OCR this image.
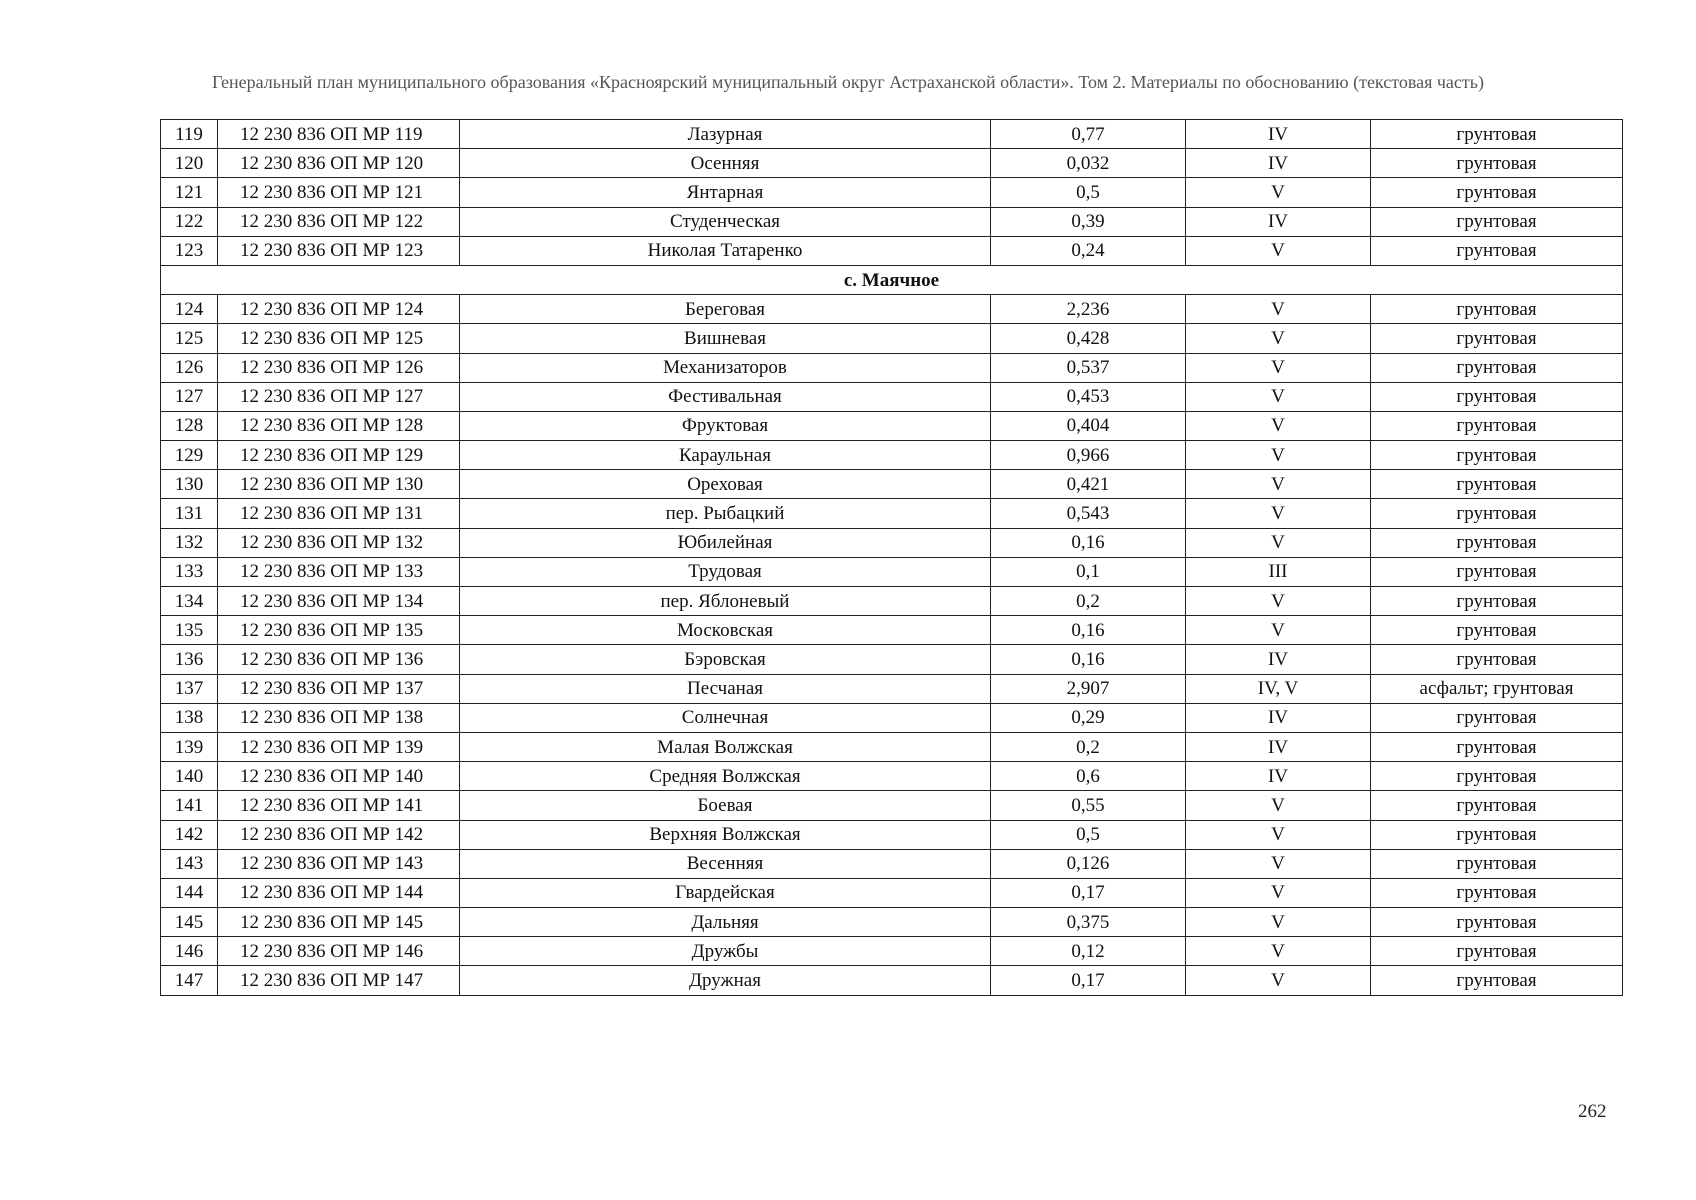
Генеральный план муниципального образования «Красноярский муниципальный округ Астраханской области». Том 2. Материалы по обоснованию (текстовая часть)
119	12 230 836 ОП МР 119	Лазурная	0,77	IV	грунтовая
120	12 230 836 ОП МР 120	Осенняя	0,032	IV	грунтовая
121	12 230 836 ОП МР 121	Янтарная	0,5	V	грунтовая
122	12 230 836 ОП МР 122	Студенческая	0,39	IV	грунтовая
123	12 230 836 ОП МР 123	Николая Татаренко	0,24	V	грунтовая
с. Маячное					
124	12 230 836 ОП МР 124	Береговая	2,236	V	грунтовая
125	12 230 836 ОП МР 125	Вишневая	0,428	V	грунтовая
126	12 230 836 ОП МР 126	Механизаторов	0,537	V	грунтовая
127	12 230 836 ОП МР 127	Фестивальная	0,453	V	грунтовая
128	12 230 836 ОП МР 128	Фруктовая	0,404	V	грунтовая
129	12 230 836 ОП МР 129	Караульная	0,966	V	грунтовая
130	12 230 836 ОП МР 130	Ореховая	0,421	V	грунтовая
131	12 230 836 ОП МР 131	пер. Рыбацкий	0,543	V	грунтовая
132	12 230 836 ОП МР 132	Юбилейная	0,16	V	грунтовая
133	12 230 836 ОП МР 133	Трудовая	0,1	III	грунтовая
134	12 230 836 ОП МР 134	пер. Яблоневый	0,2	V	грунтовая
135	12 230 836 ОП МР 135	Московская	0,16	V	грунтовая
136	12 230 836 ОП МР 136	Бэровская	0,16	IV	грунтовая
137	12 230 836 ОП МР 137	Песчаная	2,907	IV, V	асфальт; грунтовая
138	12 230 836 ОП МР 138	Солнечная	0,29	IV	грунтовая
139	12 230 836 ОП МР 139	Малая Волжская	0,2	IV	грунтовая
140	12 230 836 ОП МР 140	Средняя Волжская	0,6	IV	грунтовая
141	12 230 836 ОП МР 141	Боевая	0,55	V	грунтовая
142	12 230 836 ОП МР 142	Верхняя Волжская	0,5	V	грунтовая
143	12 230 836 ОП МР 143	Весенняя	0,126	V	грунтовая
144	12 230 836 ОП МР 144	Гвардейская	0,17	V	грунтовая
145	12 230 836 ОП МР 145	Дальняя	0,375	V	грунтовая
146	12 230 836 ОП МР 146	Дружбы	0,12	V	грунтовая
147	12 230 836 ОП МР 147	Дружная	0,17	V	грунтовая
262
